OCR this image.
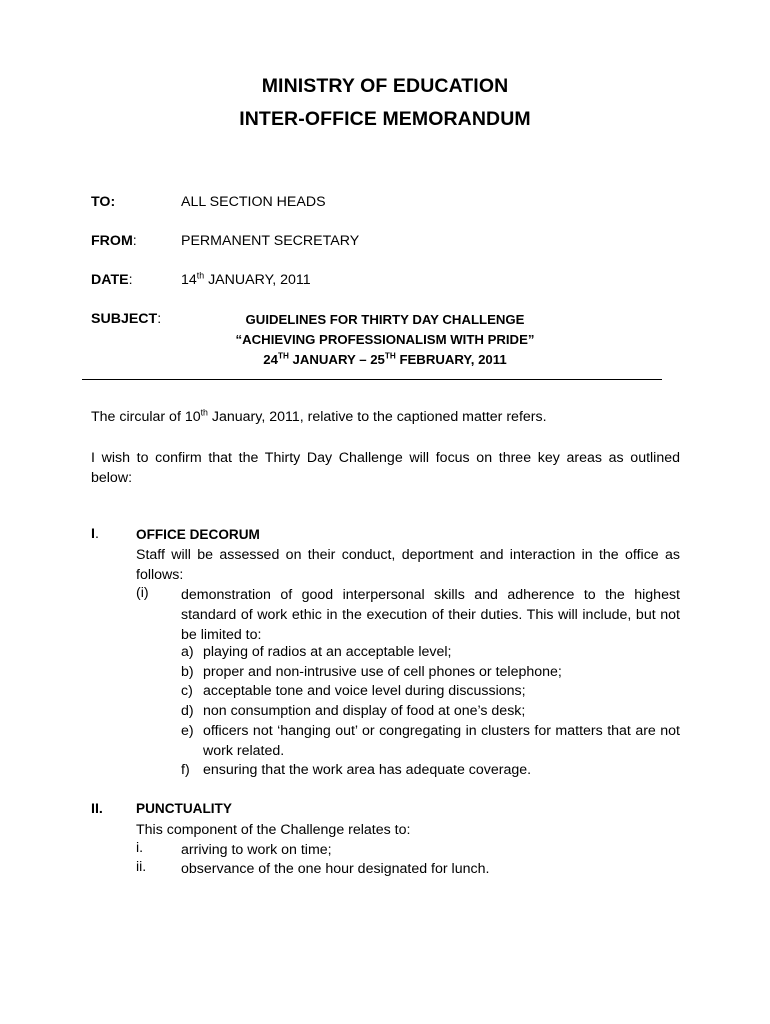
MINISTRY OF EDUCATION
INTER-OFFICE MEMORANDUM
TO:	ALL SECTION HEADS
FROM:	PERMANENT SECRETARY
DATE:	14th JANUARY, 2011
SUBJECT:	GUIDELINES FOR THIRTY DAY CHALLENGE
“ACHIEVING PROFESSIONALISM WITH PRIDE”
24TH JANUARY – 25TH FEBRUARY, 2011
The circular of 10th January, 2011, relative to the captioned matter refers.
I wish to confirm that the Thirty Day Challenge will focus on three key areas as outlined below:
I.	OFFICE DECORUM
Staff will be assessed on their conduct, deportment and interaction in the office as follows:
(i) demonstration of good interpersonal skills and adherence to the highest standard of work ethic in the execution of their duties. This will include, but not be limited to:
a) playing of radios at an acceptable level;
b) proper and non-intrusive use of cell phones or telephone;
c) acceptable tone and voice level during discussions;
d) non consumption and display of food at one’s desk;
e) officers not ‘hanging out’ or congregating in clusters for matters that are not work related.
f) ensuring that the work area has adequate coverage.
II. PUNCTUALITY
This component of the Challenge relates to:
i.	arriving to work on time;
ii. observance of the one hour designated for lunch.
